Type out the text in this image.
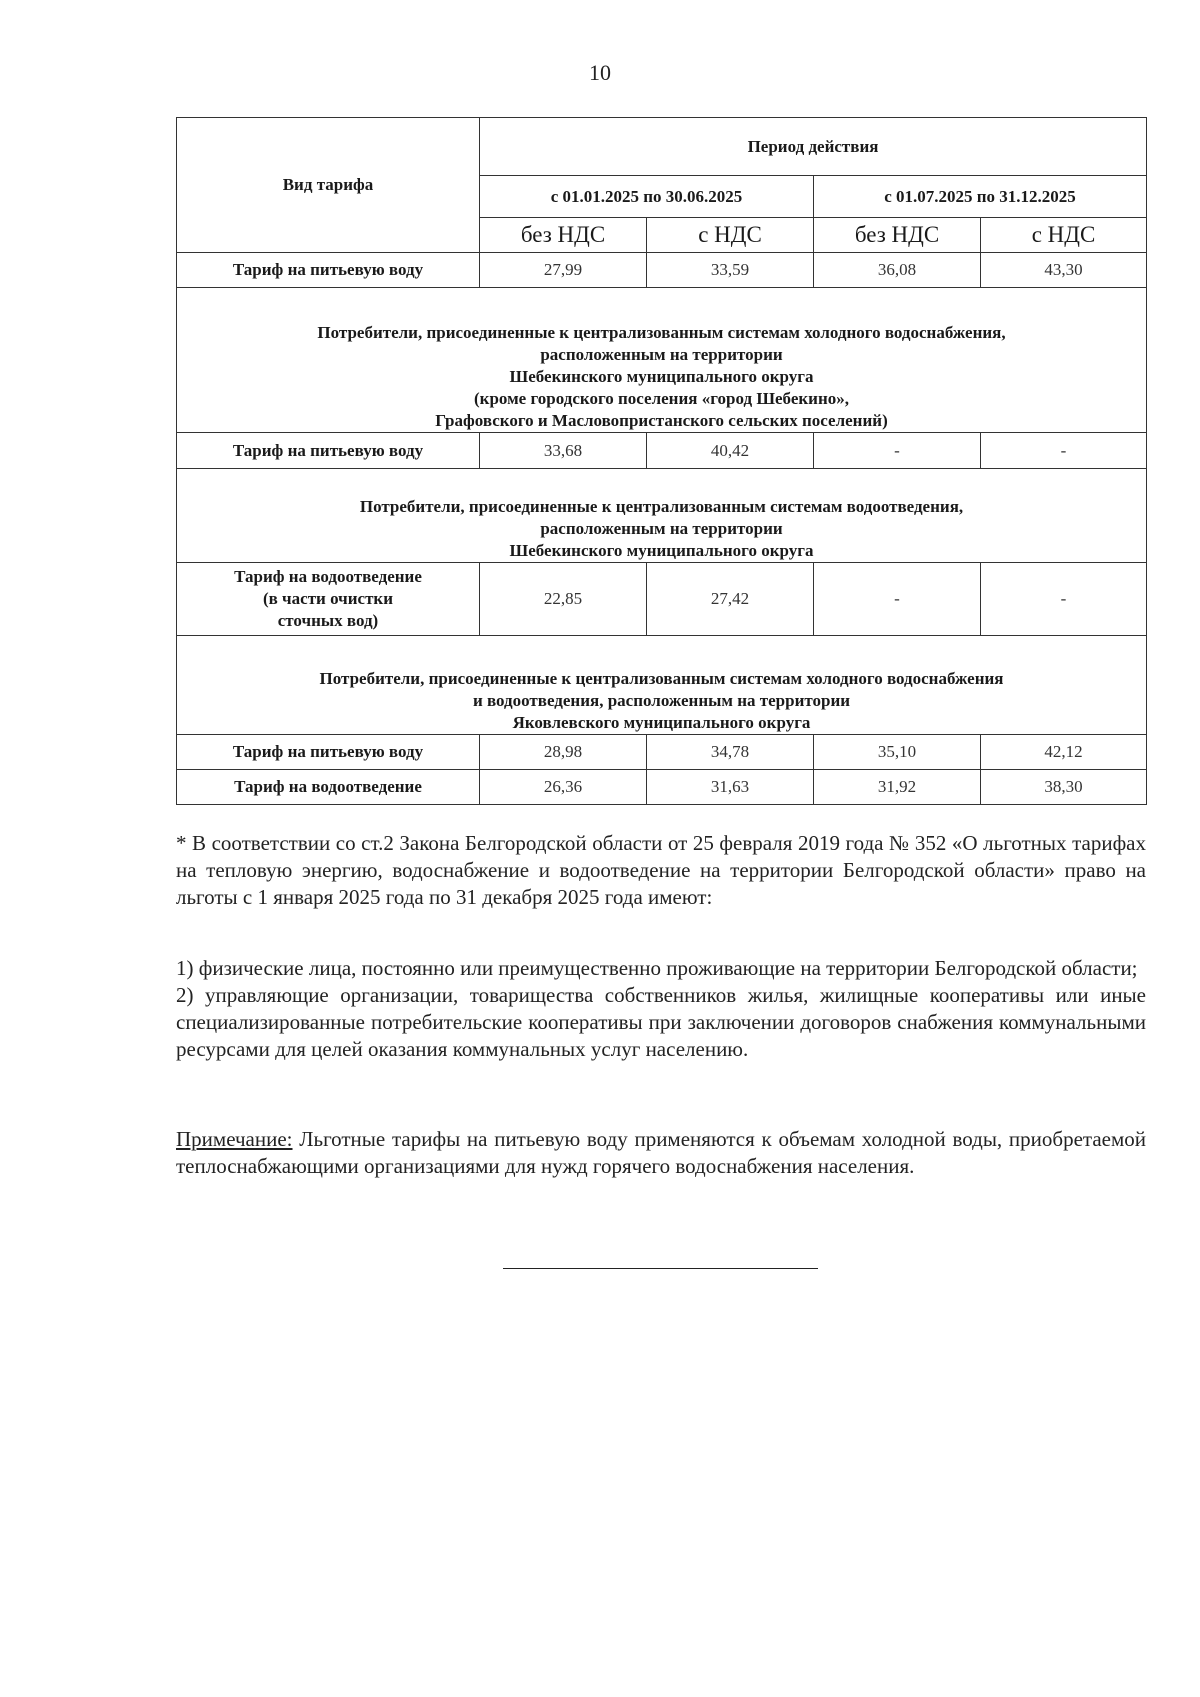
10
Вид тарифа	Период действия			
	с 01.01.2025 по 30.06.2025		с 01.07.2025 по 31.12.2025	
	без НДС	с НДС	без НДС	с НДС
Тариф на питьевую воду	27,99	33,59	36,08	43,30

Потребители, присоединенные к централизованным системам холодного водоснабжения,
расположенным на территории
Шебекинского муниципального округа
(кроме городского поселения «город Шебекино»,
Графовского и Масловопристанского сельских поселений)				

Тариф на питьевую воду	33,68	40,42	-	-

Потребители, присоединенные к централизованным системам водоотведения,
расположенным на территории
Шебекинского муниципального округа				

Тариф на водоотведение
(в части очистки
сточных вод)	22,85	27,42	-	-

Потребители, присоединенные к централизованным системам холодного водоснабжения
и водоотведения, расположенным на территории
Яковлевского муниципального округа				

Тариф на питьевую воду	28,98	34,78	35,10	42,12
Тариф на водоотведение	26,36	31,63	31,92	38,30

* В соответствии со ст.2 Закона Белгородской области от 25 февраля 2019 года № 352 «О льготных тарифах на тепловую энергию, водоснабжение и водоотведение на территории Белгородской области» право на льготы с 1 января 2025 года по 31 декабря 2025 года имеют:

1) физические лица, постоянно или преимущественно проживающие на территории Белгородской области;

2) управляющие организации, товарищества собственников жилья, жилищные кооперативы или иные специализированные потребительские кооперативы при заключении договоров снабжения коммунальными ресурсами для целей оказания коммунальных услуг населению.

Примечание: Льготные тарифы на питьевую воду применяются к объемам холодной воды, приобретаемой теплоснабжающими организациями для нужд горячего водоснабжения населения.
